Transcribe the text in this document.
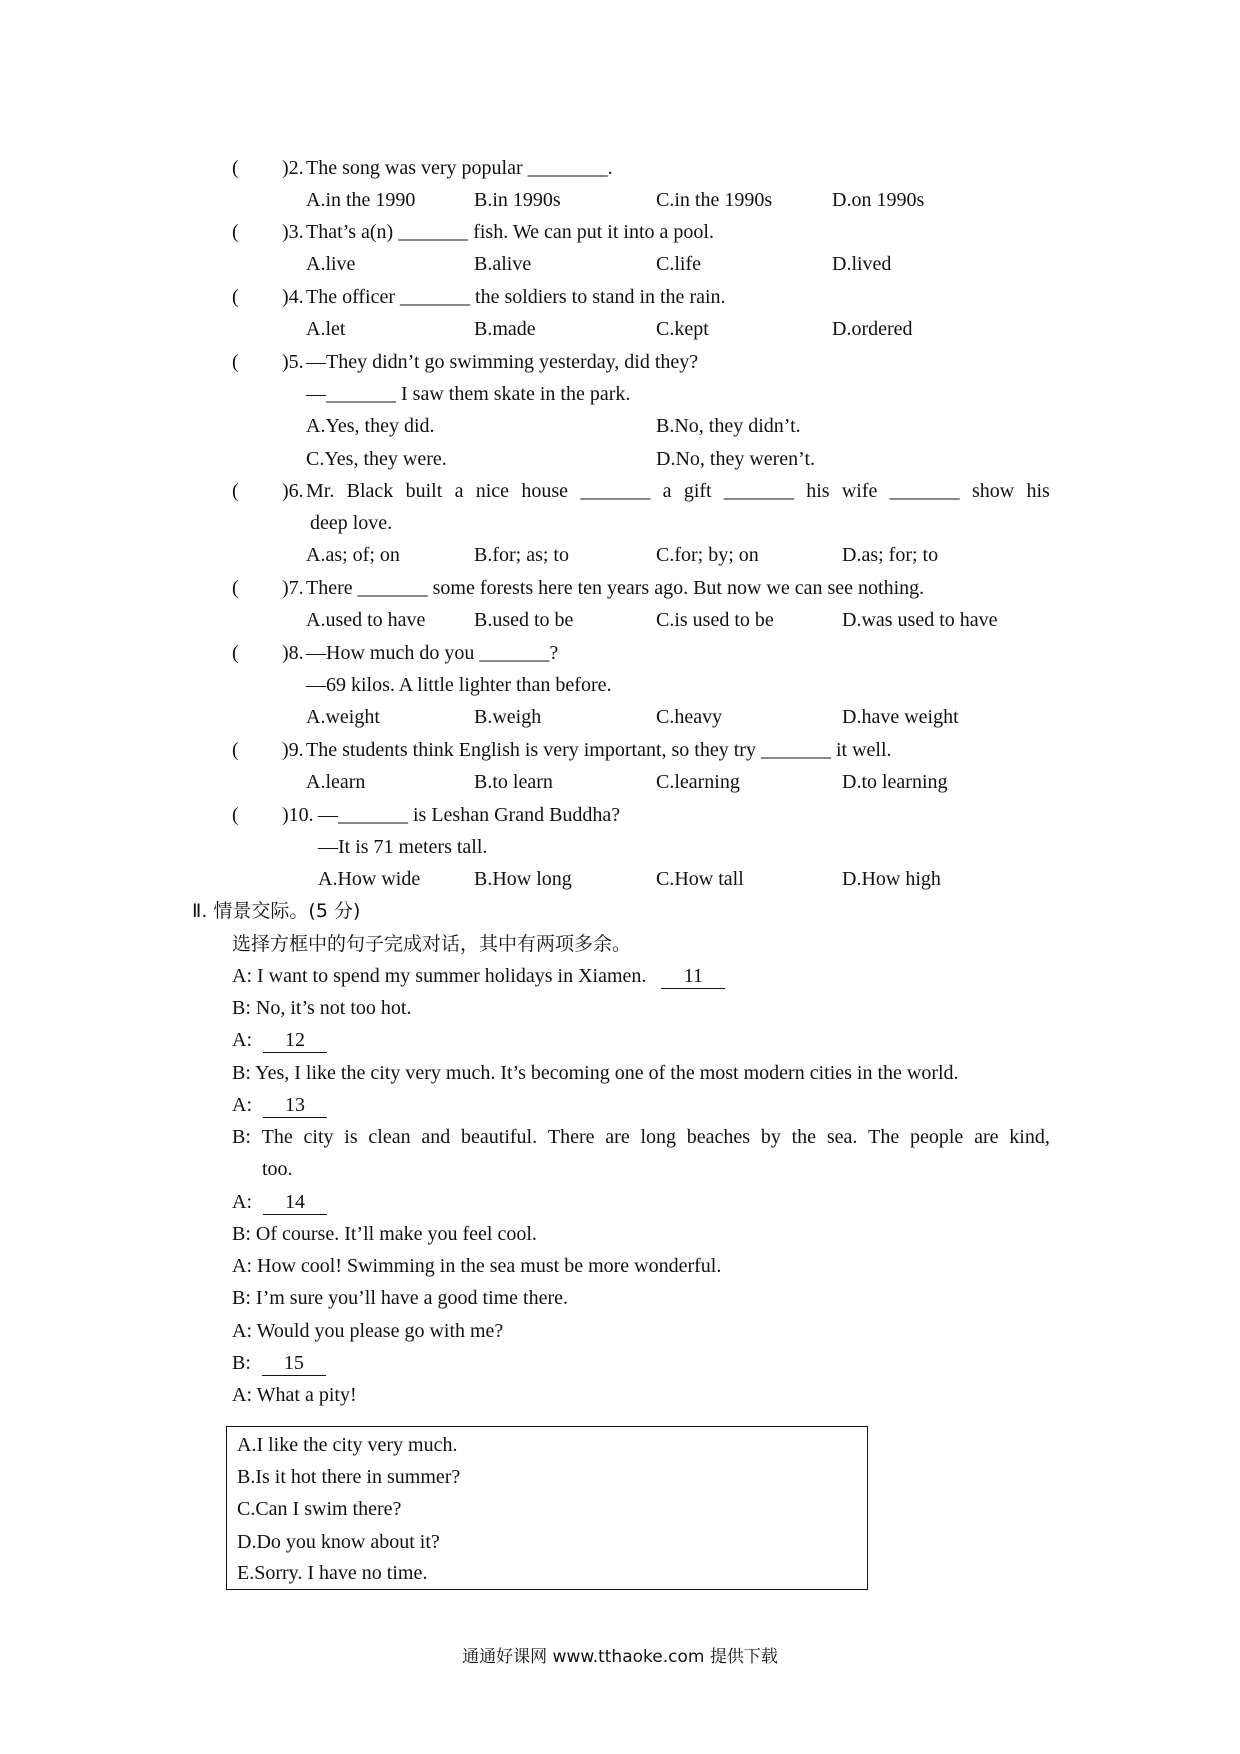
( )2. The song was very popular ________.
A.in the 1990	B.in 1990s	C.in the 1990s	D.on 1990s
( )3. That’s a(n) _______ fish. We can put it into a pool.
A.live	B.alive	C.life	D.lived
( )4. The officer _______ the soldiers to stand in the rain.
A.let	B.made	C.kept	D.ordered
( )5. —They didn’t go swimming yesterday, did they?
—_______ I saw them skate in the park.
A.Yes, they did.	B.No, they didn’t.
C.Yes, they were.	D.No, they weren’t.
( )6. Mr. Black built a nice house _______ a gift _______ his wife _______ show his
deep love.
A.as; of; on	B.for; as; to	C.for; by; on	D.as; for; to
( )7. There _______ some forests here ten years ago. But now we can see nothing.
A.used to have B.used to be	C.is used to be	D.was used to have
( )8. —How much do you _______?
—69 kilos. A little lighter than before.
A.weight	B.weigh	C.heavy	D.have weight
( )9. The students think English is very important, so they try _______ it well.
A.learn	B.to learn	C.learning	D.to learning
( )10. —_______ is Leshan Grand Buddha?
—It is 71 meters tall.
A.How wide	B.How long	C.How tall	D.How high
Ⅱ. 情景交际。(5 分)
选择方框中的句子完成对话，其中有两项多余。
A: I want to spend my summer holidays in Xiamen. 11
B: No, it’s not too hot.
A: 12
B: Yes, I like the city very much. It’s becoming one of the most modern cities in the world.
A: 13
B: The city is clean and beautiful. There are long beaches by the sea. The people are kind,
too.
A: 14
B: Of course. It’ll make you feel cool.
A: How cool! Swimming in the sea must be more wonderful.
B: I’m sure you’ll have a good time there.
A: Would you please go with me?
B: 15
A: What a pity!
A.I like the city very much.
B.Is it hot there in summer?
C.Can I swim there?
D.Do you know about it?
E.Sorry. I have no time.
通通好课网 www.tthaoke.com 提供下载
